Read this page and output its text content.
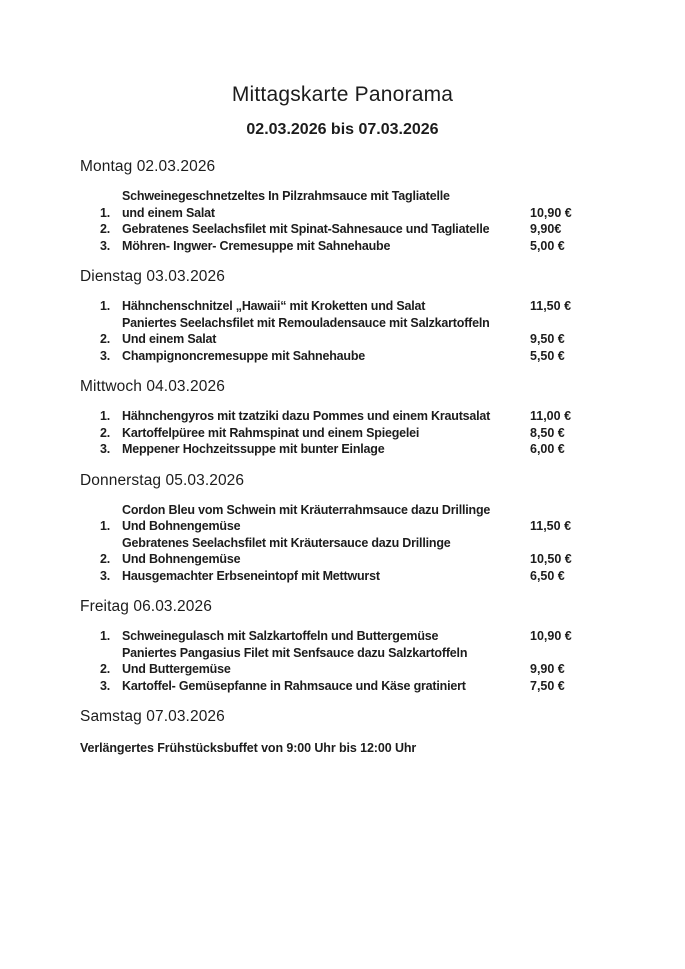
Mittagskarte Panorama
02.03.2026 bis 07.03.2026
Montag 02.03.2026
1.
Schweinegeschnetzeltes In Pilzrahmsauce mit Tagliatelle
und einem Salat	10,90 €
2. Gebratenes Seelachsfilet mit Spinat-Sahnesauce und Tagliatelle	9,90€
3. Möhren- Ingwer- Cremesuppe mit Sahnehaube	5,00 €
Dienstag 03.03.2026
1. Hähnchenschnitzel „Hawaii“ mit Kroketten und Salat	11,50 €
2.
Paniertes Seelachsfilet mit Remouladensauce mit Salzkartoffeln
Und einem Salat	9,50 €
3. Champignoncremesuppe mit Sahnehaube	5,50 €
Mittwoch 04.03.2026
1. Hähnchengyros mit tzatziki dazu Pommes und einem Krautsalat	11,00 €
2. Kartoffelpüree mit Rahmspinat und einem Spiegelei	8,50 €
3. Meppener Hochzeitssuppe mit bunter Einlage	6,00 €
Donnerstag 05.03.2026
1.
Cordon Bleu vom Schwein mit Kräuterrahmsauce dazu Drillinge
Und Bohnengemüse	11,50 €
2.
Gebratenes Seelachsfilet mit Kräutersauce dazu Drillinge
Und Bohnengemüse	10,50 €
3. Hausgemachter Erbseneintopf mit Mettwurst	6,50 €
Freitag 06.03.2026
1. Schweinegulasch mit Salzkartoffeln und Buttergemüse	10,90 €
2.
Paniertes Pangasius Filet mit Senfsauce dazu Salzkartoffeln
Und Buttergemüse	9,90 €
3. Kartoffel- Gemüsepfanne in Rahmsauce und Käse gratiniert	7,50 €
Samstag 07.03.2026

Verlängertes Frühstücksbuffet von 9:00 Uhr bis 12:00 Uhr
